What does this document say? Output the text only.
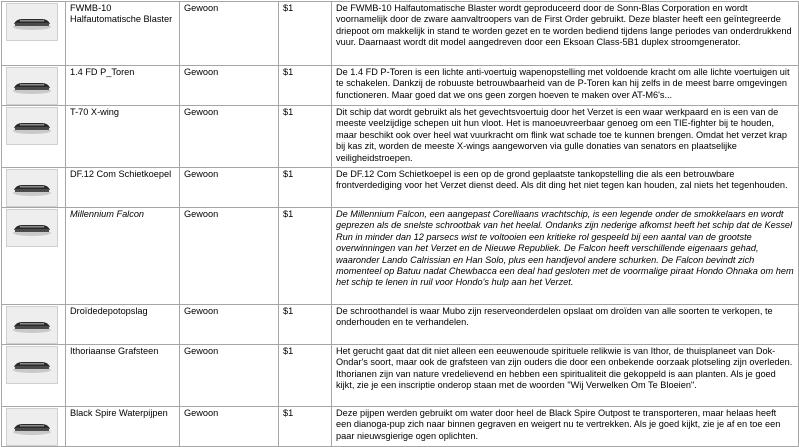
	FWMB-10 Halfautomatische Blaster	Gewoon	$1	De FWMB-10 Halfautomatische Blaster wordt geproduceerd door de Sonn-Blas Corporation en wordt voornamelijk door de zware aanvaltroopers van de First Order gebruikt. Deze blaster heeft een geïntegreerde driepoot om makkelijk in stand te worden gezet en te worden bediend tijdens lange periodes van onderdrukkend vuur. Daarnaast wordt dit model aangedreven door een Eksoan Class-5B1 duplex stroomgenerator.

	1.4 FD P_Toren	Gewoon	$1	De 1.4 FD P-Toren is een lichte anti-voertuig wapenopstelling met voldoende kracht om alle lichte voertuigen uit te schakelen. Dankzij de robuuste betrouwbaarheid van de P-Toren kan hij zelfs in de meest barre omgevingen functioneren. Maar goed dat we ons geen zorgen hoeven te maken over AT-M6's...

	T-70 X-wing	Gewoon	$1	Dit schip dat wordt gebruikt als het gevechtsvoertuig door het Verzet is een waar werkpaard en is een van de meeste veelzijdige schepen uit hun vloot. Het is manoeuvreerbaar genoeg om een TIE-fighter bij te houden, maar beschikt ook over heel wat vuurkracht om flink wat schade toe te kunnen brengen. Omdat het verzet krap bij kas zit, worden de meeste X-wings aangeworven via gulle donaties van senators en plaatselijke veiligheidstroepen.

	DF.12 Com Schietkoepel	Gewoon	$1	De DF.12 Com Schietkoepel is een op de grond geplaatste tankopstelling die als een betrouwbare frontverdediging voor het Verzet dienst deed. Als dit ding het niet tegen kan houden, zal niets het tegenhouden.

	Millennium Falcon	Gewoon	$1	De Millennium Falcon, een aangepast Corelliaans vrachtschip, is een legende onder de smokkelaars en wordt geprezen als de snelste schrootbak van het heelal. Ondanks zijn nederige afkomst heeft het schip dat de Kessel Run in minder dan 12 parsecs wist te voltooien een kritieke rol gespeeld bij een aantal van de grootste overwinningen van het Verzet en de Nieuwe Republiek. De Falcon heeft verschillende eigenaars gehad, waaronder Lando Calrissian en Han Solo, plus een handjevol andere schurken. De Falcon bevindt zich momenteel op Batuu nadat Chewbacca een deal had gesloten met de voormalige piraat Hondo Ohnaka om hem het schip te lenen in ruil voor Hondo's hulp aan het Verzet.

	Droïdedepotopslag	Gewoon	$1	De schroothandel is waar Mubo zijn reserveonderdelen opslaat om droïden van alle soorten te verkopen, te onderhouden en te verhandelen.

	Ithoriaanse Grafsteen	Gewoon	$1	Het gerucht gaat dat dit niet alleen een eeuwenoude spirituele relikwie is van Ithor, de thuisplaneet van Dok-Ondar's soort, maar ook de grafsteen van zijn ouders die door een onbekende oorzaak plotseling zijn overleden. Ithorianen zijn van nature vredelievend en hebben een spiritualiteit die gekoppeld is aan planten. Als je goed kijkt, zie je een inscriptie onderop staan met de woorden "Wij Verwelken Om Te Bloeien".

	Black Spire Waterpijpen	Gewoon	$1	Deze pijpen werden gebruikt om water door heel de Black Spire Outpost te transporteren, maar helaas heeft een dianoga-pup zich naar binnen gegraven en weigert nu te vertrekken. Als je goed kijkt, zie je af en toe een paar nieuwsgierige ogen oplichten.
